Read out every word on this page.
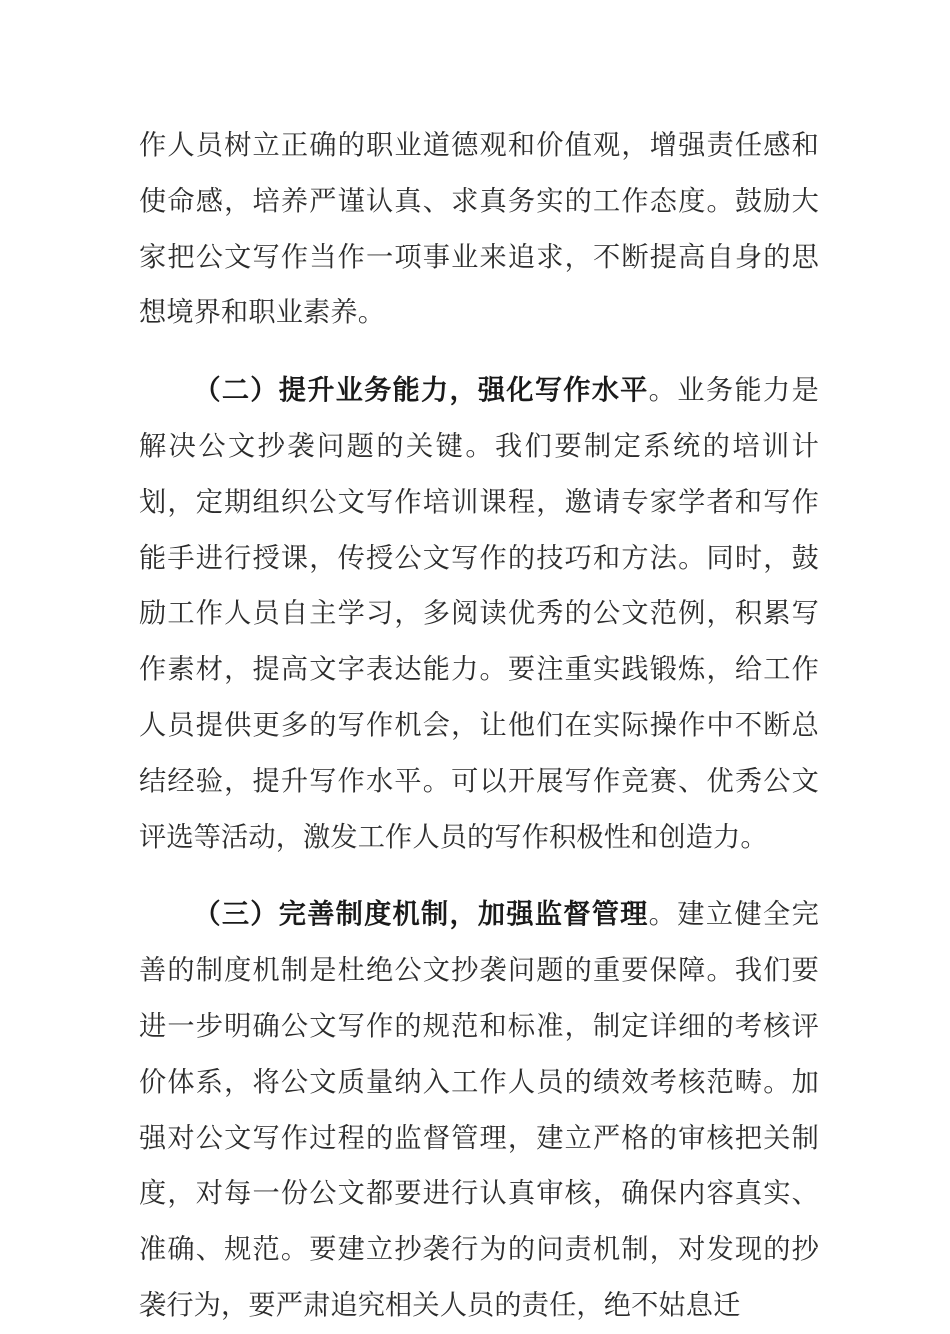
作人员树立正确的职业道德观和价值观，增强责任感和使命感，培养严谨认真、求真务实的工作态度。鼓励大家把公文写作当作一项事业来追求，不断提高自身的思想境界和职业素养。

（二）提升业务能力，强化写作水平。业务能力是解决公文抄袭问题的关键。我们要制定系统的培训计划，定期组织公文写作培训课程，邀请专家学者和写作能手进行授课，传授公文写作的技巧和方法。同时，鼓励工作人员自主学习，多阅读优秀的公文范例，积累写作素材，提高文字表达能力。要注重实践锻炼，给工作人员提供更多的写作机会，让他们在实际操作中不断总结经验，提升写作水平。可以开展写作竞赛、优秀公文评选等活动，激发工作人员的写作积极性和创造力。

（三）完善制度机制，加强监督管理。建立健全完善的制度机制是杜绝公文抄袭问题的重要保障。我们要进一步明确公文写作的规范和标准，制定详细的考核评价体系，将公文质量纳入工作人员的绩效考核范畴。加强对公文写作过程的监督管理，建立严格的审核把关制度，对每一份公文都要进行认真审核，确保内容真实、准确、规范。要建立抄袭行为的问责机制，对发现的抄袭行为，要严肃追究相关人员的责任，绝不姑息迁
